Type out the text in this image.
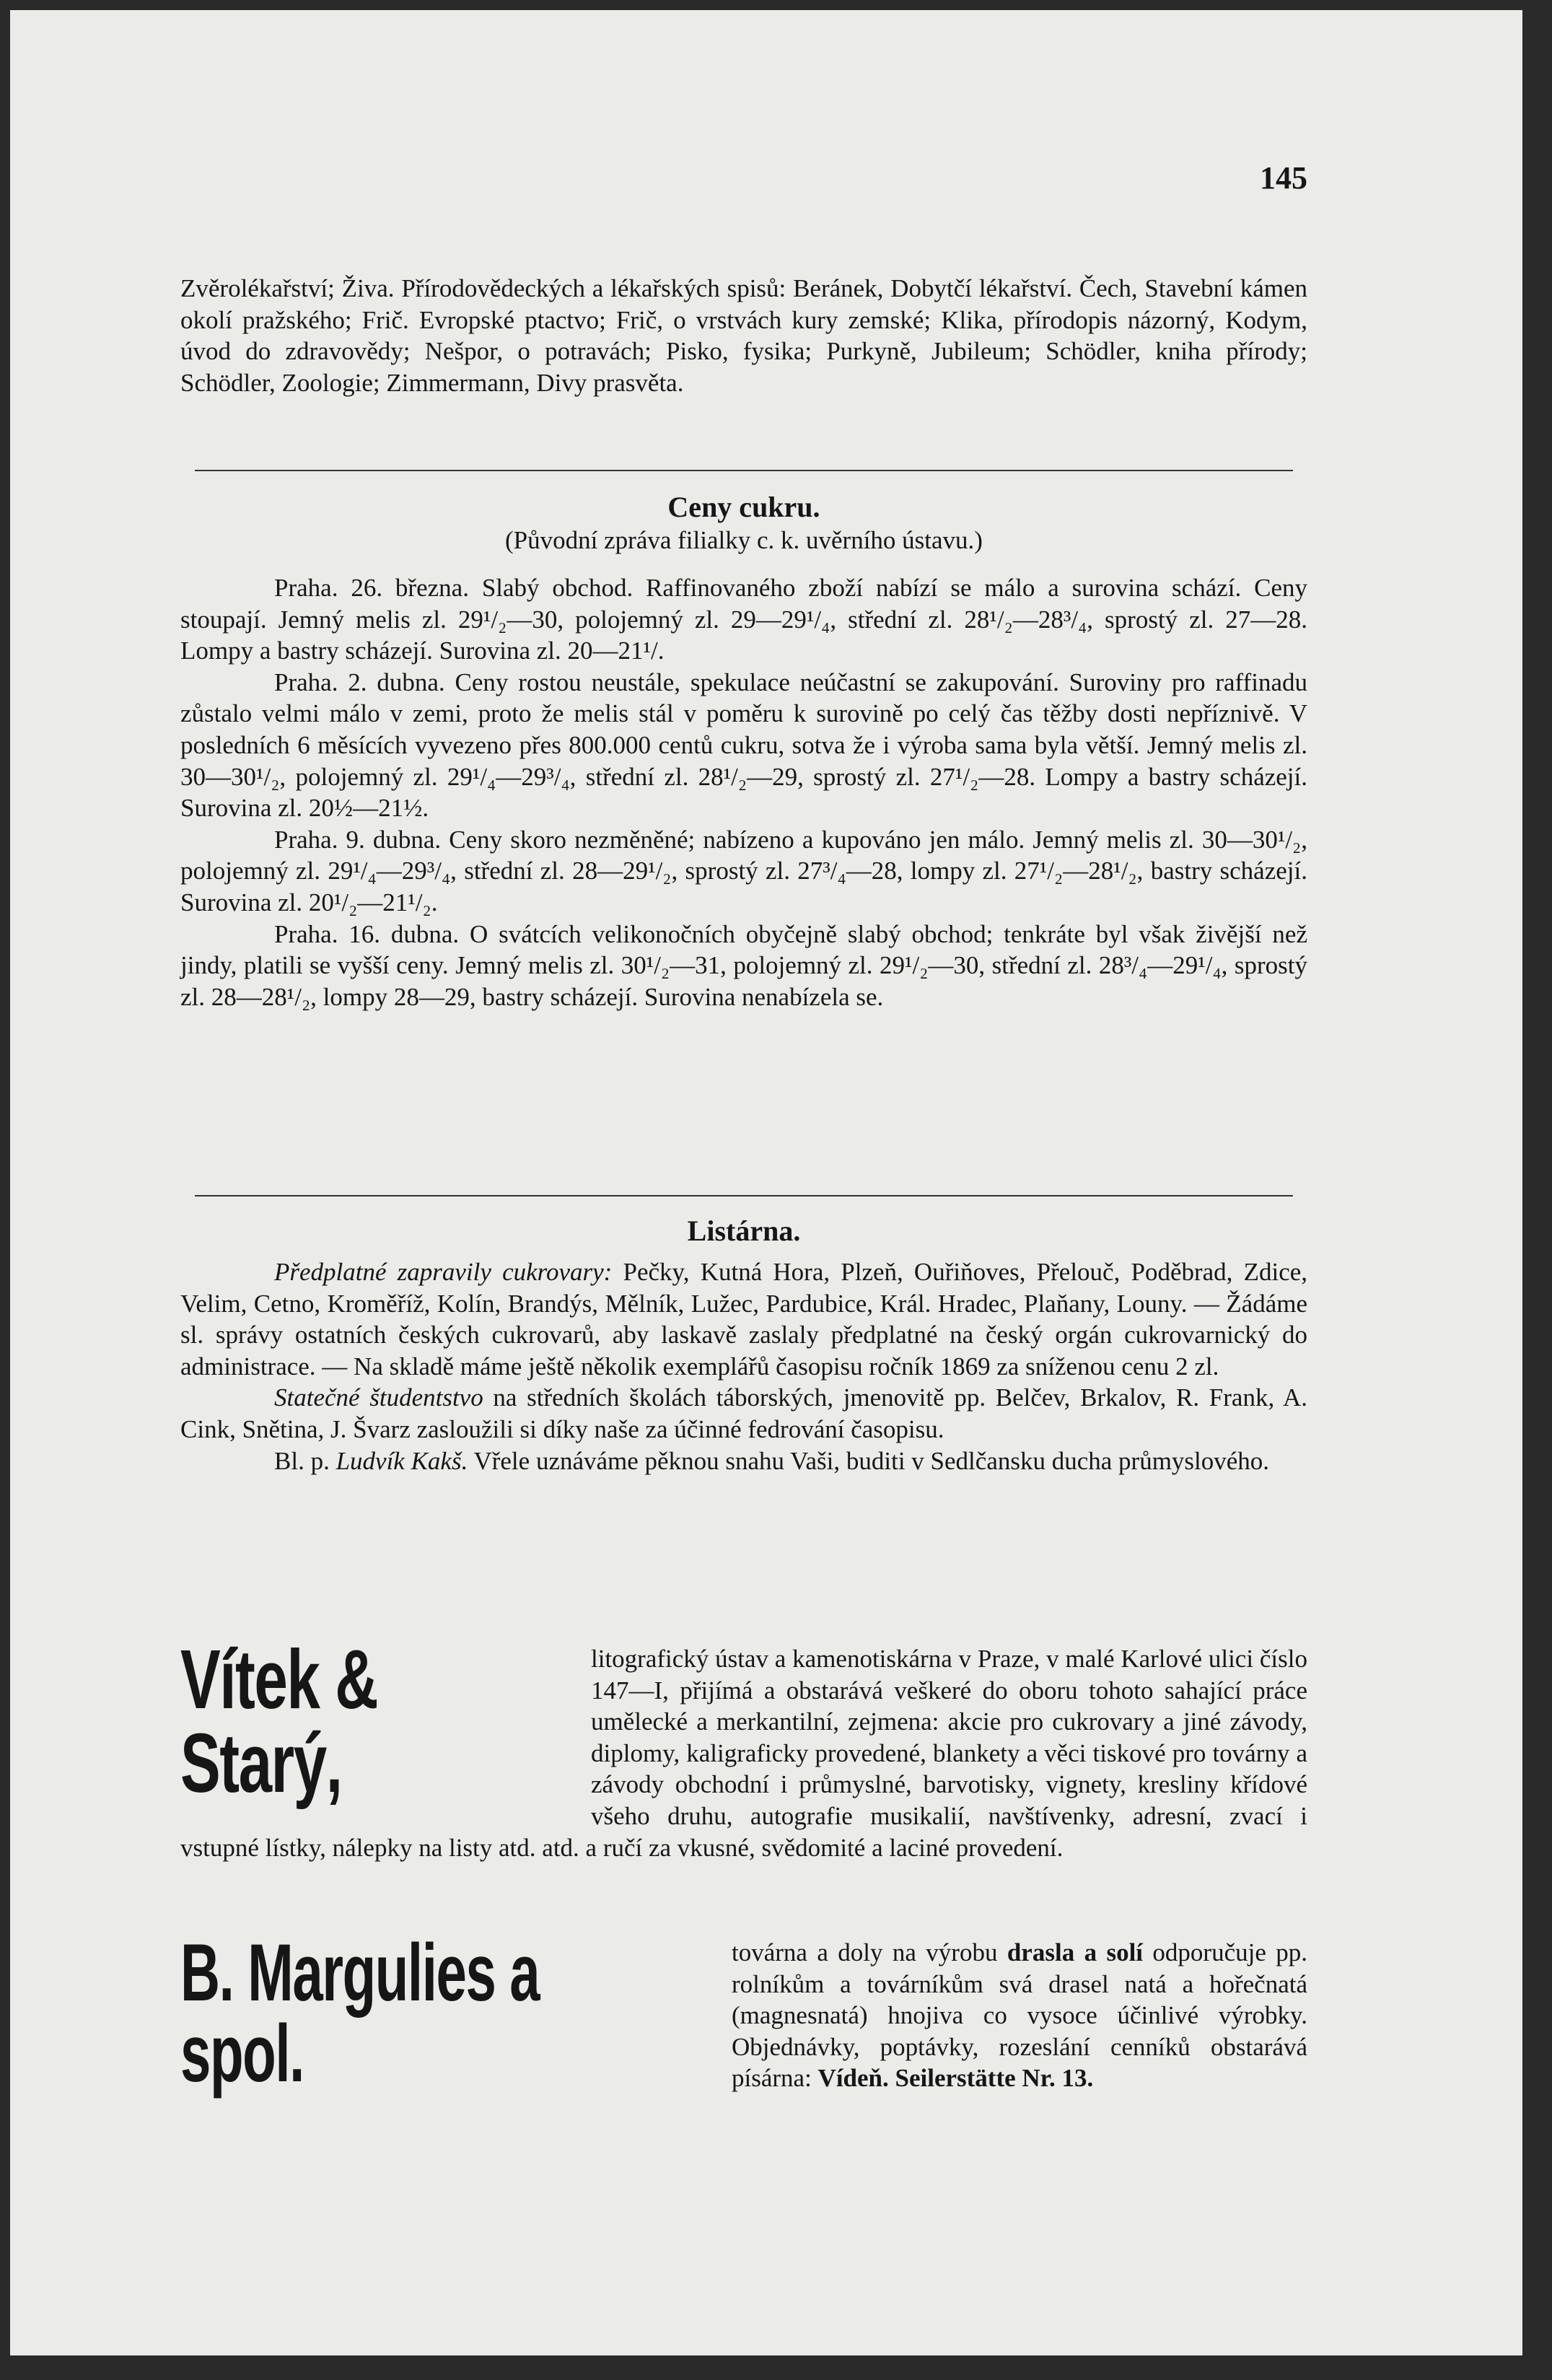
145

Zvěrolékařství; Živa. Přírodovědeckých a lékařských spisů: Beránek, Dobytčí lékařství. Čech, Stavební kámen okolí pražského; Frič. Evropské ptactvo; Frič, o vrstvách kury zemské; Klika, přírodopis názorný, Kodym, úvod do zdravovědy; Nešpor, o potravách; Pisko, fysika; Purkyně, Jubileum; Schödler, kniha přírody; Schödler, Zoologie; Zimmermann, Divy prasvěta.

Ceny cukru.
(Původní zpráva filialky c. k. uvěrního ústavu.)

Praha. 26. března. Slabý obchod. Raffinovaného zboží nabízí se málo a surovina schází. Ceny stoupají. Jemný melis zl. 29¹/₂—30, polojemný zl. 29—29¹/₄, střední zl. 28¹/₂—28³/₄, sprostý zl. 27—28. Lompy a bastry scházejí. Surovina zl. 20—21¹/.

Praha. 2. dubna. Ceny rostou neustále, spekulace neúčastní se zakupování. Suroviny pro raffinadu zůstalo velmi málo v zemi, proto že melis stál v poměru k surovině po celý čas těžby dosti nepříznivě. V posledních 6 měsících vyvezeno přes 800.000 centů cukru, sotva že i výroba sama byla větší. Jemný melis zl. 30—30¹/₂, polojemný zl. 29¹/₄—29³/₄, střední zl. 28¹/₂—29, sprostý zl. 27¹/₂—28. Lompy a bastry scházejí. Surovina zl. 20½—21½.

Praha. 9. dubna. Ceny skoro nezměněné; nabízeno a kupováno jen málo. Jemný melis zl. 30—30¹/₂, polojemný zl. 29¹/₄—29³/₄, střední zl. 28—29¹/₂, sprostý zl. 27³/₄—28, lompy zl. 27¹/₂—28¹/₂, bastry scházejí. Surovina zl. 20¹/₂—21¹/₂.

Praha. 16. dubna. O svátcích velikonočních obyčejně slabý obchod; tenkráte byl však živější než jindy, platili se vyšší ceny. Jemný melis zl. 30¹/₂—31, polojemný zl. 29¹/₂—30, střední zl. 28³/₄—29¹/₄, sprostý zl. 28—28¹/₂, lompy 28—29, bastry scházejí. Surovina nenabízela se.

Listárna.

Předplatné zapravily cukrovary: Pečky, Kutná Hora, Plzeň, Ouřiňoves, Přelouč, Poděbrad, Zdice, Velim, Cetno, Kroměříž, Kolín, Brandýs, Mělník, Lužec, Pardubice, Král. Hradec, Plaňany, Louny. — Žádáme sl. správy ostatních českých cukrovarů, aby laskavě zaslaly předplatné na český orgán cukrovarnický do administrace. — Na skladě máme ještě několik exemplářů časopisu ročník 1869 za sníženou cenu 2 zl.

Statečné študentstvo na středních školách táborských, jmenovitě pp. Belčev, Brkalov, R. Frank, A. Cink, Snětina, J. Švarz zasloužili si díky naše za účinné fedrování časopisu.

Bl. p. Ludvík Kakš. Vřele uznáváme pěknou snahu Vaši, buditi v Sedlčansku ducha průmyslového.

Vítek & Starý,
litografický ústav a kamenotiskárna v Praze, v malé Karlové ulici číslo 147—I, přijímá a obstarává veškeré do oboru tohoto sahající práce umělecké a merkantilní, zejmena: akcie pro cukrovary a jiné závody, diplomy, kaligraficky provedené, blankety a věci tiskové pro továrny a závody obchodní i průmyslné, barvotisky, vignety, kresliny křídové všeho druhu, autografie musikalií, navštívenky, adresní, zvací i vstupné lístky, nálepky na listy atd. atd. a ručí za vkusné, svědomité a laciné provedení.
B. Margulies a spol.
továrna a doly na výrobu drasla a solí odporučuje pp. rolníkům a továrníkům svá drasel natá a hořečnatá (magnesnatá) hnojiva co vysoce účinlivé výrobky. Objednávky, poptávky, rozeslání cenníků obstarává písárna: Vídeň. Seilerstätte Nr. 13.
